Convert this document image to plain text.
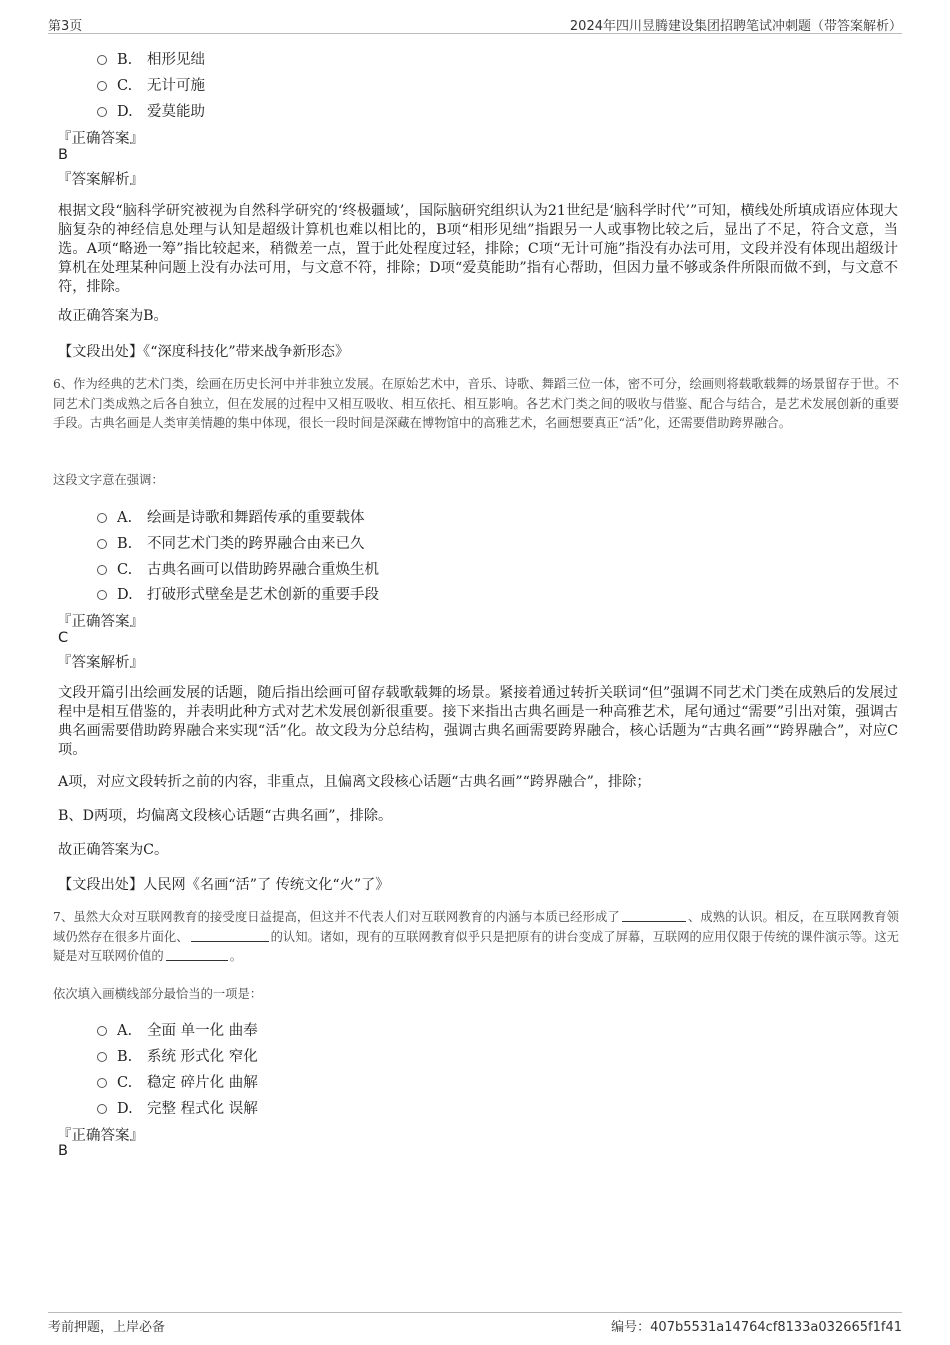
第3页	2024年四川昱腾建设集团招聘笔试冲刺题（带答案解析）
B. 相形见绌
C. 无计可施
D. 爱莫能助
『正确答案』
B
『答案解析』
根据文段“脑科学研究被视为自然科学研究的‘终极疆域’，国际脑研究组织认为21世纪是‘脑科学时代’”可知，横线处所填成语应体现大脑复杂的神经信息处理与认知是超级计算机也难以相比的，B项“相形见绌”指跟另一人或事物比较之后，显出了不足，符合文意，当选。A项“略逊一筹”指比较起来，稍微差一点，置于此处程度过轻，排除；C项“无计可施”指没有办法可用，文段并没有体现出超级计算机在处理某种问题上没有办法可用，与文意不符，排除；D项“爱莫能助”指有心帮助，但因力量不够或条件所限而做不到，与文意不符，排除。
故正确答案为B。
【文段出处】《“深度科技化”带来战争新形态》
6、作为经典的艺术门类，绘画在历史长河中并非独立发展。在原始艺术中，音乐、诗歌、舞蹈三位一体，密不可分，绘画则将载歌载舞的场景留存于世。不同艺术门类成熟之后各自独立，但在发展的过程中又相互吸收、相互依托、相互影响。各艺术门类之间的吸收与借鉴、配合与结合，是艺术发展创新的重要手段。古典名画是人类审美情趣的集中体现，很长一段时间是深藏在博物馆中的高雅艺术，名画想要真正“活”化，还需要借助跨界融合。
这段文字意在强调：
A. 绘画是诗歌和舞蹈传承的重要载体
B. 不同艺术门类的跨界融合由来已久
C. 古典名画可以借助跨界融合重焕生机
D. 打破形式壁垒是艺术创新的重要手段
『正确答案』
C
『答案解析』
文段开篇引出绘画发展的话题，随后指出绘画可留存载歌载舞的场景。紧接着通过转折关联词“但”强调不同艺术门类在成熟后的发展过程中是相互借鉴的，并表明此种方式对艺术发展创新很重要。接下来指出古典名画是一种高雅艺术，尾句通过“需要”引出对策，强调古典名画需要借助跨界融合来实现“活”化。故文段为分总结构，强调古典名画需要跨界融合，核心话题为“古典名画”“跨界融合”，对应C项。
A项，对应文段转折之前的内容，非重点，且偏离文段核心话题“古典名画”“跨界融合”，排除；
B、D两项，均偏离文段核心话题“古典名画”，排除。
故正确答案为C。
【文段出处】人民网《名画“活”了 传统文化“火”了》
7、虽然大众对互联网教育的接受度日益提高，但这并不代表人们对互联网教育的内涵与本质已经形成了	、成熟的认识。相反，在互联网教育领域仍然存在很多片面化、	的认知。诸如，现有的互联网教育似乎只是把原有的讲台变成了屏幕，互联网的应用仅限于传统的课件演示等。这无疑是对互联网价值的	。
依次填入画横线部分最恰当的一项是：
A. 全面 单一化 曲奉
B. 系统 形式化 窄化
C. 稳定 碎片化 曲解
D. 完整 程式化 误解
『正确答案』
B
考前押题，上岸必备	编号：407b5531a14764cf8133a032665f1f41
